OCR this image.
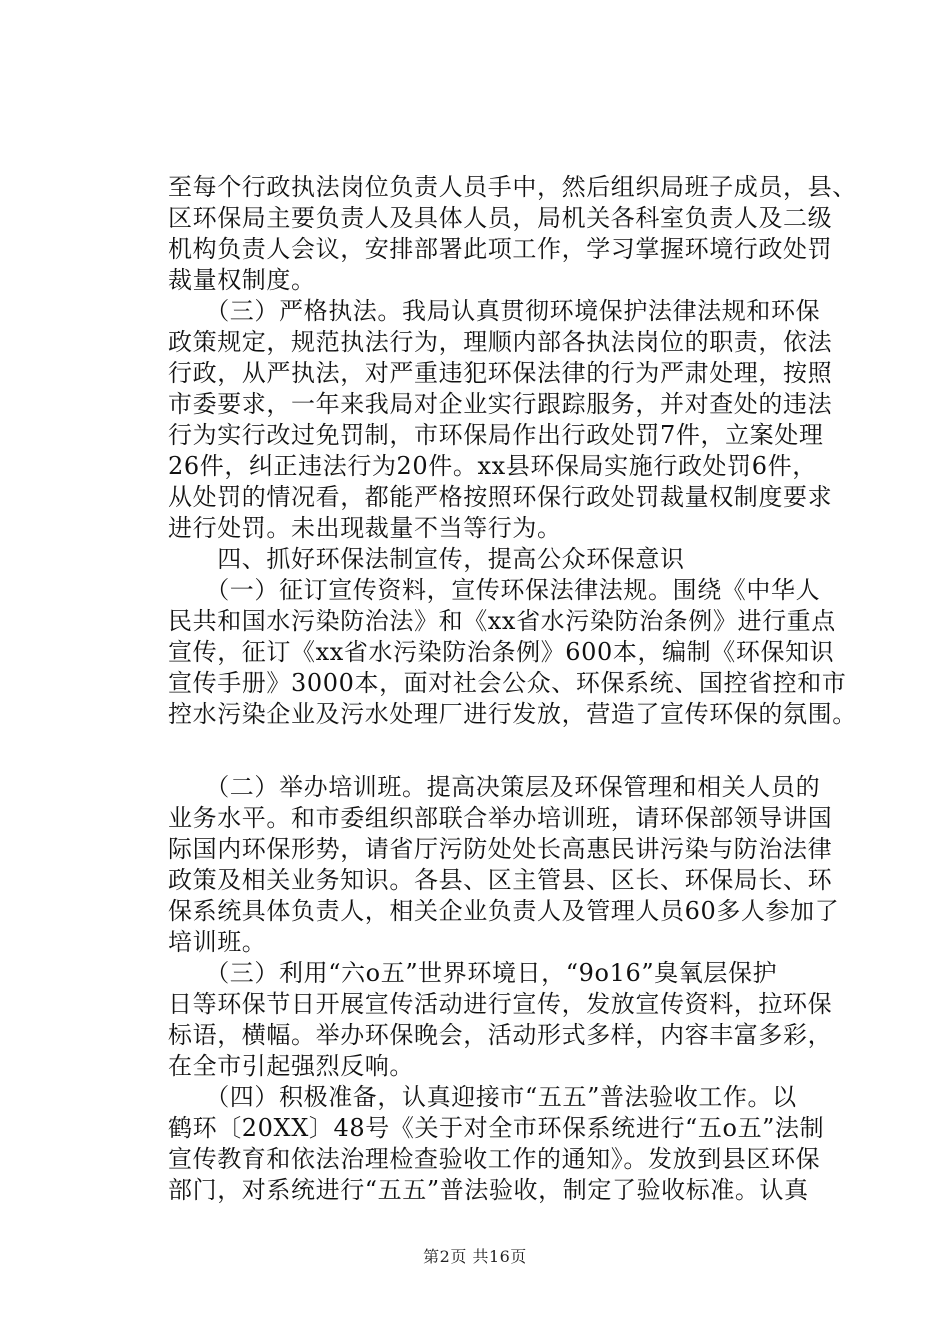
至每个行政执法岗位负责人员手中，然后组织局班子成员，县、
区环保局主要负责人及具体人员，局机关各科室负责人及二级
机构负责人会议，安排部署此项工作，学习掌握环境行政处罚
裁量权制度。
　　（三）严格执法。我局认真贯彻环境保护法律法规和环保
政策规定，规范执法行为，理顺内部各执法岗位的职责，依法
行政，从严执法，对严重违犯环保法律的行为严肃处理，按照
市委要求，一年来我局对企业实行跟踪服务，并对查处的违法
行为实行改过免罚制，市环保局作出行政处罚7件，立案处理
26件，纠正违法行为20件。xx县环保局实施行政处罚6件，
从处罚的情况看，都能严格按照环保行政处罚裁量权制度要求
进行处罚。未出现裁量不当等行为。
　　四、抓好环保法制宣传，提高公众环保意识
　　（一）征订宣传资料，宣传环保法律法规。围绕《中华人
民共和国水污染防治法》和《xx省水污染防治条例》进行重点
宣传，征订《xx省水污染防治条例》600本，编制《环保知识
宣传手册》3000本，面对社会公众、环保系统、国控省控和市
控水污染企业及污水处理厂进行发放，营造了宣传环保的氛围。
　　（二）举办培训班。提高决策层及环保管理和相关人员的
业务水平。和市委组织部联合举办培训班，请环保部领导讲国
际国内环保形势，请省厅污防处处长高惠民讲污染与防治法律
政策及相关业务知识。各县、区主管县、区长、环保局长、环
保系统具体负责人，相关企业负责人及管理人员60多人参加了
培训班。
　　（三）利用“六o五”世界环境日，“9o16”臭氧层保护
日等环保节日开展宣传活动进行宣传，发放宣传资料，拉环保
标语，横幅。举办环保晚会，活动形式多样，内容丰富多彩，
在全市引起强烈反响。
　　（四）积极准备，认真迎接市“五五”普法验收工作。以
鹤环〔20XX〕48号《关于对全市环保系统进行“五o五”法制
宣传教育和依法治理检查验收工作的通知》。发放到县区环保
部门，对系统进行“五五”普法验收，制定了验收标准。认真
第2页 共16页
